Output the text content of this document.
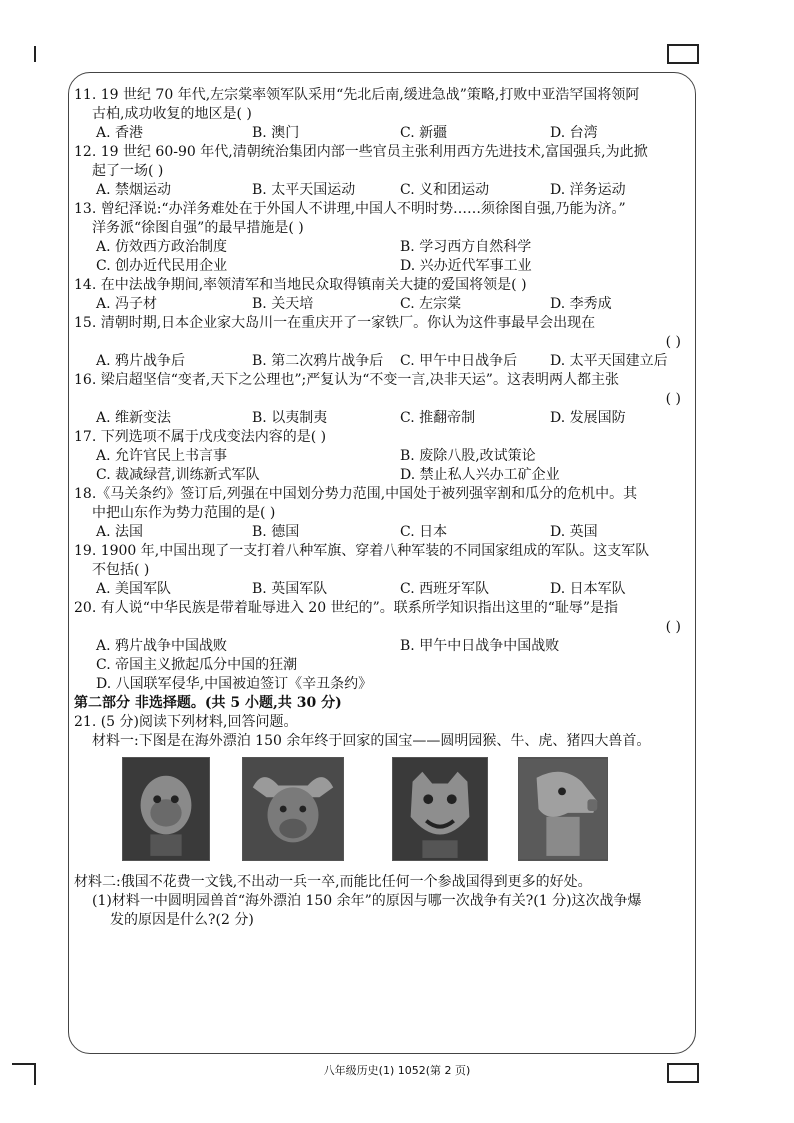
11. 19 世纪 70 年代,左宗棠率领军队采用“先北后南,缓进急战”策略,打败中亚浩罕国将领阿
古柏,成功收复的地区是( )
A. 香港	B. 澳门	C. 新疆	D. 台湾
12. 19 世纪 60-90 年代,清朝统治集团内部一些官员主张利用西方先进技术,富国强兵,为此掀
起了一场( )
A. 禁烟运动	B. 太平天国运动	C. 义和团运动	D. 洋务运动
13. 曾纪泽说:“办洋务难处在于外国人不讲理,中国人不明时势……须徐图自强,乃能为济。”
洋务派“徐图自强”的最早措施是( )
A. 仿效西方政治制度	B. 学习西方自然科学
C. 创办近代民用企业	D. 兴办近代军事工业
14. 在中法战争期间,率领清军和当地民众取得镇南关大捷的爱国将领是( )
A. 冯子材	B. 关天培	C. 左宗棠	D. 李秀成
15. 清朝时期,日本企业家大岛川一在重庆开了一家铁厂。你认为这件事最早会出现在
( )
A. 鸦片战争后	B. 第二次鸦片战争后 C. 甲午中日战争后 D. 太平天国建立后
16. 梁启超坚信“变者,天下之公理也”;严复认为“不变一言,决非天运”。这表明两人都主张
( )
A. 维新变法	B. 以夷制夷	C. 推翻帝制	D. 发展国防
17. 下列选项不属于戊戌变法内容的是( )
A. 允许官民上书言事	B. 废除八股,改试策论
C. 裁减绿营,训练新式军队	D. 禁止私人兴办工矿企业
18.《马关条约》签订后,列强在中国划分势力范围,中国处于被列强宰割和瓜分的危机中。其
中把山东作为势力范围的是( )
A. 法国	B. 德国	C. 日本	D. 英国
19. 1900 年,中国出现了一支打着八种军旗、穿着八种军装的不同国家组成的军队。这支军队
不包括( )
A. 美国军队	B. 英国军队	C. 西班牙军队	D. 日本军队
20. 有人说“中华民族是带着耻辱进入 20 世纪的”。联系所学知识指出这里的“耻辱”是指
( )
A. 鸦片战争中国战败	B. 甲午中日战争中国战败
C. 帝国主义掀起瓜分中国的狂潮
D. 八国联军侵华,中国被迫签订《辛丑条约》
第二部分 非选择题。(共 5 小题,共 30 分)
21. (5 分)阅读下列材料,回答问题。
材料一:下图是在海外漂泊 150 余年终于回家的国宝——圆明园猴、牛、虎、猪四大兽首。
材料二:俄国不花费一文钱,不出动一兵一卒,而能比任何一个参战国得到更多的好处。
(1)材料一中圆明园兽首“海外漂泊 150 余年”的原因与哪一次战争有关?(1 分)这次战争爆
发的原因是什么?(2 分)
八年级历史(1) 1052(第 2 页)
